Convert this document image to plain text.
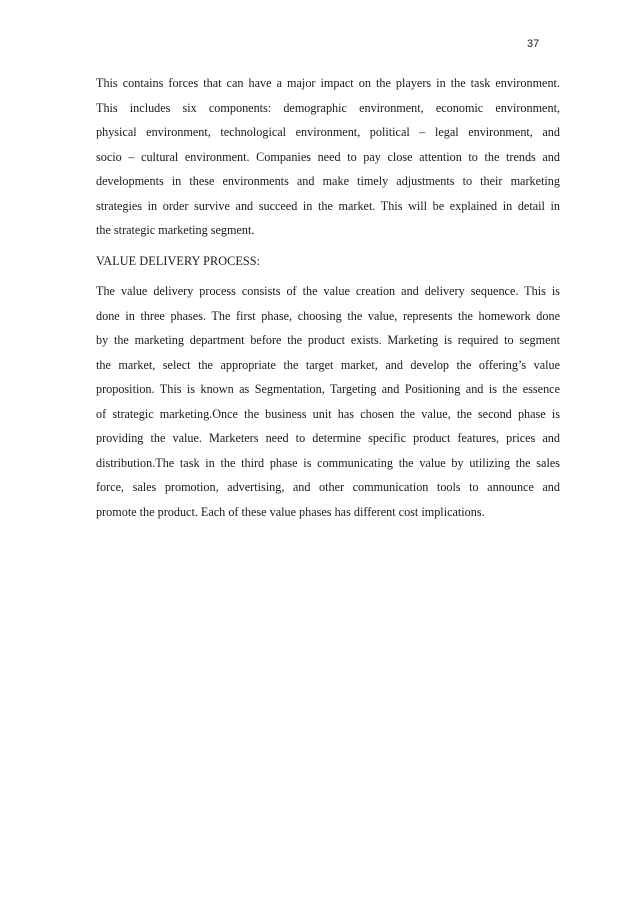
37
This contains forces that can have a major impact on the players in the task environment.
This includes six components: demographic environment, economic environment,
physical environment, technological environment, political – legal environment, and
socio – cultural environment. Companies need to pay close attention to the trends and
developments in these environments and make timely adjustments to their marketing
strategies in order survive and succeed in the market. This will be explained in detail in
the strategic marketing segment.
VALUE DELIVERY PROCESS:
The value delivery process consists of the value creation and delivery sequence. This is
done in three phases. The first phase, choosing the value, represents the homework done
by the marketing department before the product exists. Marketing is required to segment
the market, select the appropriate the target market, and develop the offering’s value
proposition. This is known as Segmentation, Targeting and Positioning and is the essence
of strategic marketing.Once the business unit has chosen the value, the second phase is
providing the value. Marketers need to determine specific product features, prices and
distribution.The task in the third phase is communicating the value by utilizing the sales
force, sales promotion, advertising, and other communication tools to announce and
promote the product. Each of these value phases has different cost implications.
